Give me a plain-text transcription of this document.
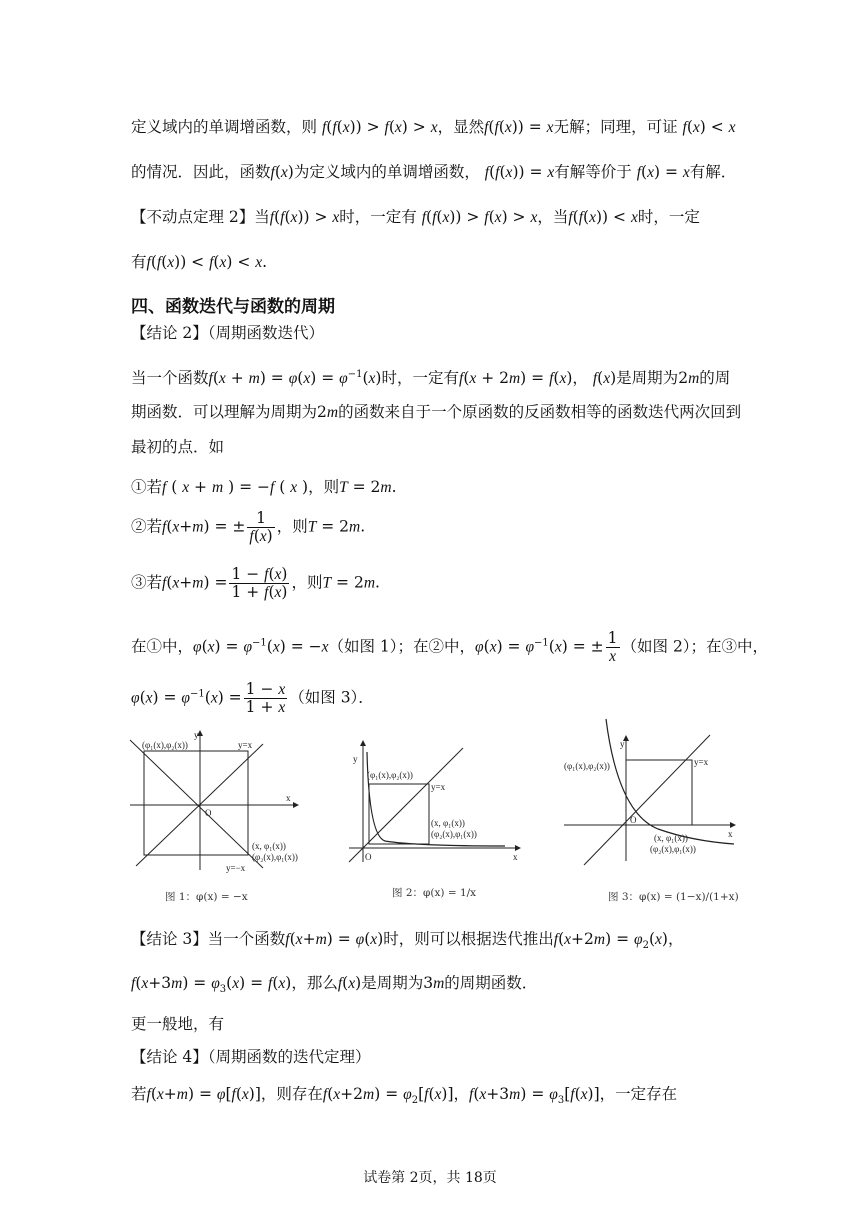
定义域内的单调增函数，则 f(f(x)) > f(x) > x，显然f(f(x)) = x无解；同理，可证 f(x) < x
的情况．因此，函数f(x)为定义域内的单调增函数， f(f(x)) = x有解等价于 f(x) = x有解．
【不动点定理 2】当f(f(x)) > x时，一定有 f(f(x)) > f(x) > x，当f(f(x)) < x时，一定
有f(f(x)) < f(x) < x.
四、函数迭代与函数的周期
【结论 2】（周期函数迭代）
当一个函数$f(x + m) = \varphi(x) = \varphi^{-1}(x)$时，一定有f(x + 2m) = f(x)， f(x)是周期为2m的周
期函数．可以理解为周期为2m的函数来自于一个原函数的反函数相等的函数迭代两次回到
最初的点．如
①若f ( x + m ) = −f ( x )，则T = 2m.
②若f(x+m) = ± $\frac{1}{f(x)}$ ，则T = 2m.
③若$f(x+m) = \frac{1 - f(x)}{1 + f(x)}$ ，则T = 2m.
在①中，$\varphi(x) = \varphi^{-1}(x) = -x$（如图 1）；在②中，$\varphi(x) = \varphi^{-1}(x)$ = ± $\frac{1}{x}$ （如图 2）；在③中，
$\varphi(x) = \varphi^{-1}(x) = \frac{1 - x}{1 + x}$ （如图 3）．
y
x
O
(φ₁(x),φ₂(x))	y=x
(x, φ₁(x))
(φ₂(x),φ₁(x))
y=−x
图 1：φ(x) = −x
y
x
O
(φ₁(x),φ₂(x))
y=x
(x, φ₁(x))
(φ₂(x),φ₁(x))
图 2：φ(x) = 1/x
y
x
O
(φ₁(x),φ₂(x))	y=x
(x, φ₁(x))
(φ₂(x),φ₁(x))
图 3：φ(x) = (1−x)/(1+x)
【结论 3】当一个函数f(x+m) = φ(x)时，则可以根据迭代推出$f(x+2m) = \varphi_2(x)$，
$f(x+3m) = \varphi_3(x) = f(x)$，那么f(x)是周期为3m的周期函数．
更一般地，有
【结论 4】（周期函数的迭代定理）
若f(x+m) = φ[f(x)]，则存在$f(x+2m) = \varphi_2[f(x)]$，$f(x+3m) = \varphi_3[f(x)]$，一定存在
试卷第 2页，共 18页
